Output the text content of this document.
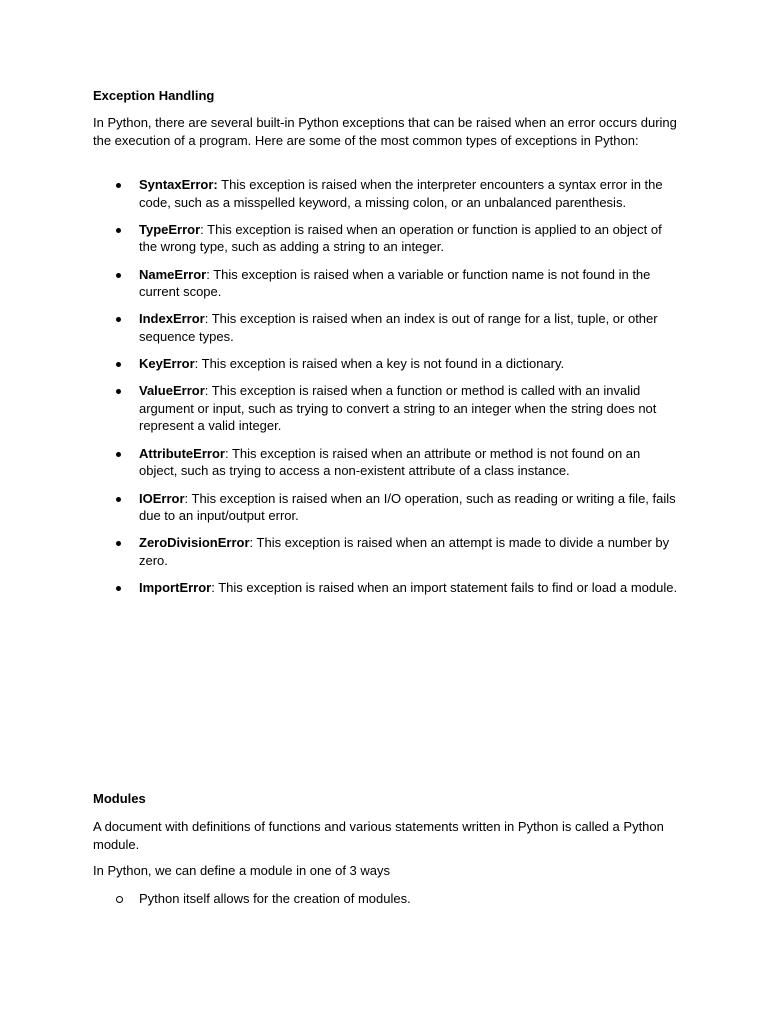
Exception Handling

In Python, there are several built-in Python exceptions that can be raised when an error occurs during the execution of a program. Here are some of the most common types of exceptions in Python:

SyntaxError: This exception is raised when the interpreter encounters a syntax error in the code, such as a misspelled keyword, a missing colon, or an unbalanced parenthesis.
TypeError: This exception is raised when an operation or function is applied to an object of the wrong type, such as adding a string to an integer.
NameError: This exception is raised when a variable or function name is not found in the current scope.
IndexError: This exception is raised when an index is out of range for a list, tuple, or other sequence types.
KeyError: This exception is raised when a key is not found in a dictionary.
ValueError: This exception is raised when a function or method is called with an invalid argument or input, such as trying to convert a string to an integer when the string does not represent a valid integer.
AttributeError: This exception is raised when an attribute or method is not found on an object, such as trying to access a non-existent attribute of a class instance.
IOError: This exception is raised when an I/O operation, such as reading or writing a file, fails due to an input/output error.
ZeroDivisionError: This exception is raised when an attempt is made to divide a number by zero.
ImportError: This exception is raised when an import statement fails to find or load a module.
Modules

A document with definitions of functions and various statements written in Python is called a Python module.

In Python, we can define a module in one of 3 ways

Python itself allows for the creation of modules.
